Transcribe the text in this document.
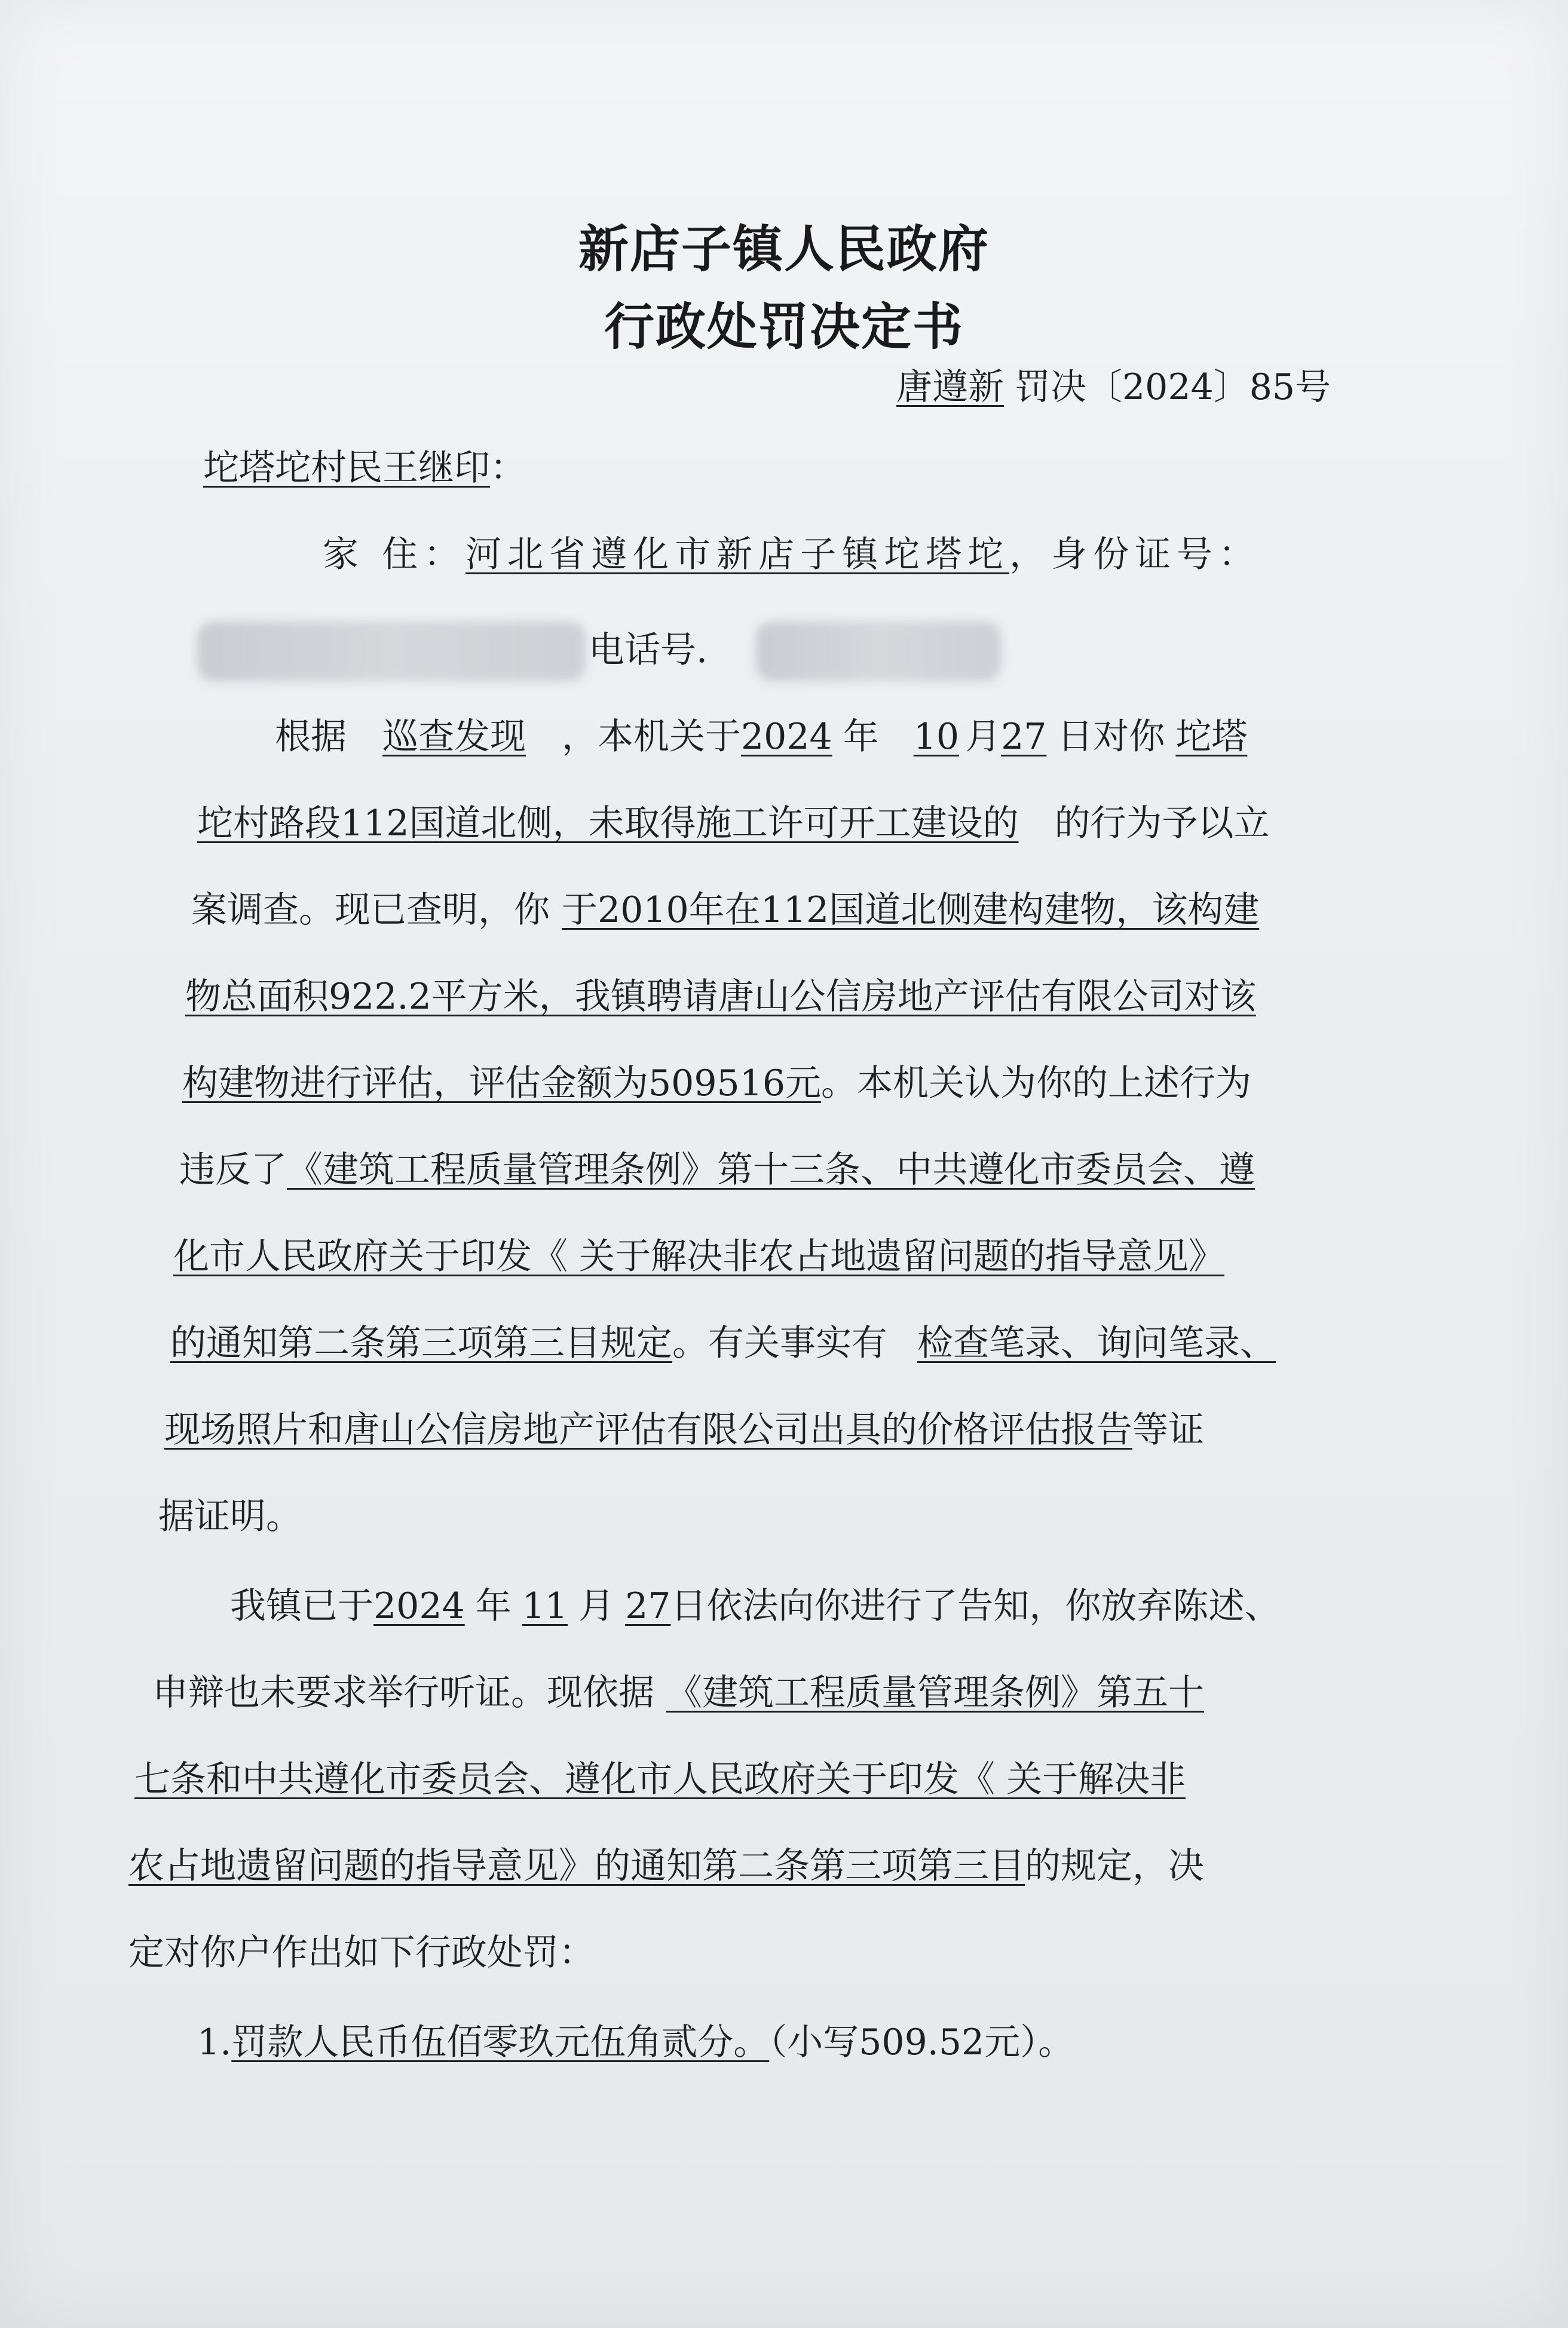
新店子镇人民政府
行政处罚决定书
唐遵新 罚决〔2024〕85号
坨塔坨村民王继印：
家 住：河北省遵化市新店子镇坨塔坨，身份证号：
电话号.
根据 巡查发现 ，本机关于2024 年 10 月27 日对你 坨塔
坨村路段112国道北侧，未取得施工许可开工建设的 的行为予以立
案调查。现已查明，你 于2010年在112国道北侧建构建物，该构建
物总面积922.2平方米，我镇聘请唐山公信房地产评估有限公司对该
构建物进行评估，评估金额为509516元。本机关认为你的上述行为
违反了《建筑工程质量管理条例》第十三条、中共遵化市委员会、遵
化市人民政府关于印发《 关于解决非农占地遗留问题的指导意见》
的通知第二条第三项第三目规定。有关事实有 检查笔录、询问笔录、
现场照片和唐山公信房地产评估有限公司出具的价格评估报告等证
据证明。
我镇已于2024 年 11 月 27日依法向你进行了告知，你放弃陈述、
申辩也未要求举行听证。现依据 《建筑工程质量管理条例》第五十
七条和中共遵化市委员会、遵化市人民政府关于印发《 关于解决非
农占地遗留问题的指导意见》的通知第二条第三项第三目的规定，决
定对你户作出如下行政处罚：
1.罚款人民币伍佰零玖元伍角贰分。（小写509.52元）。
